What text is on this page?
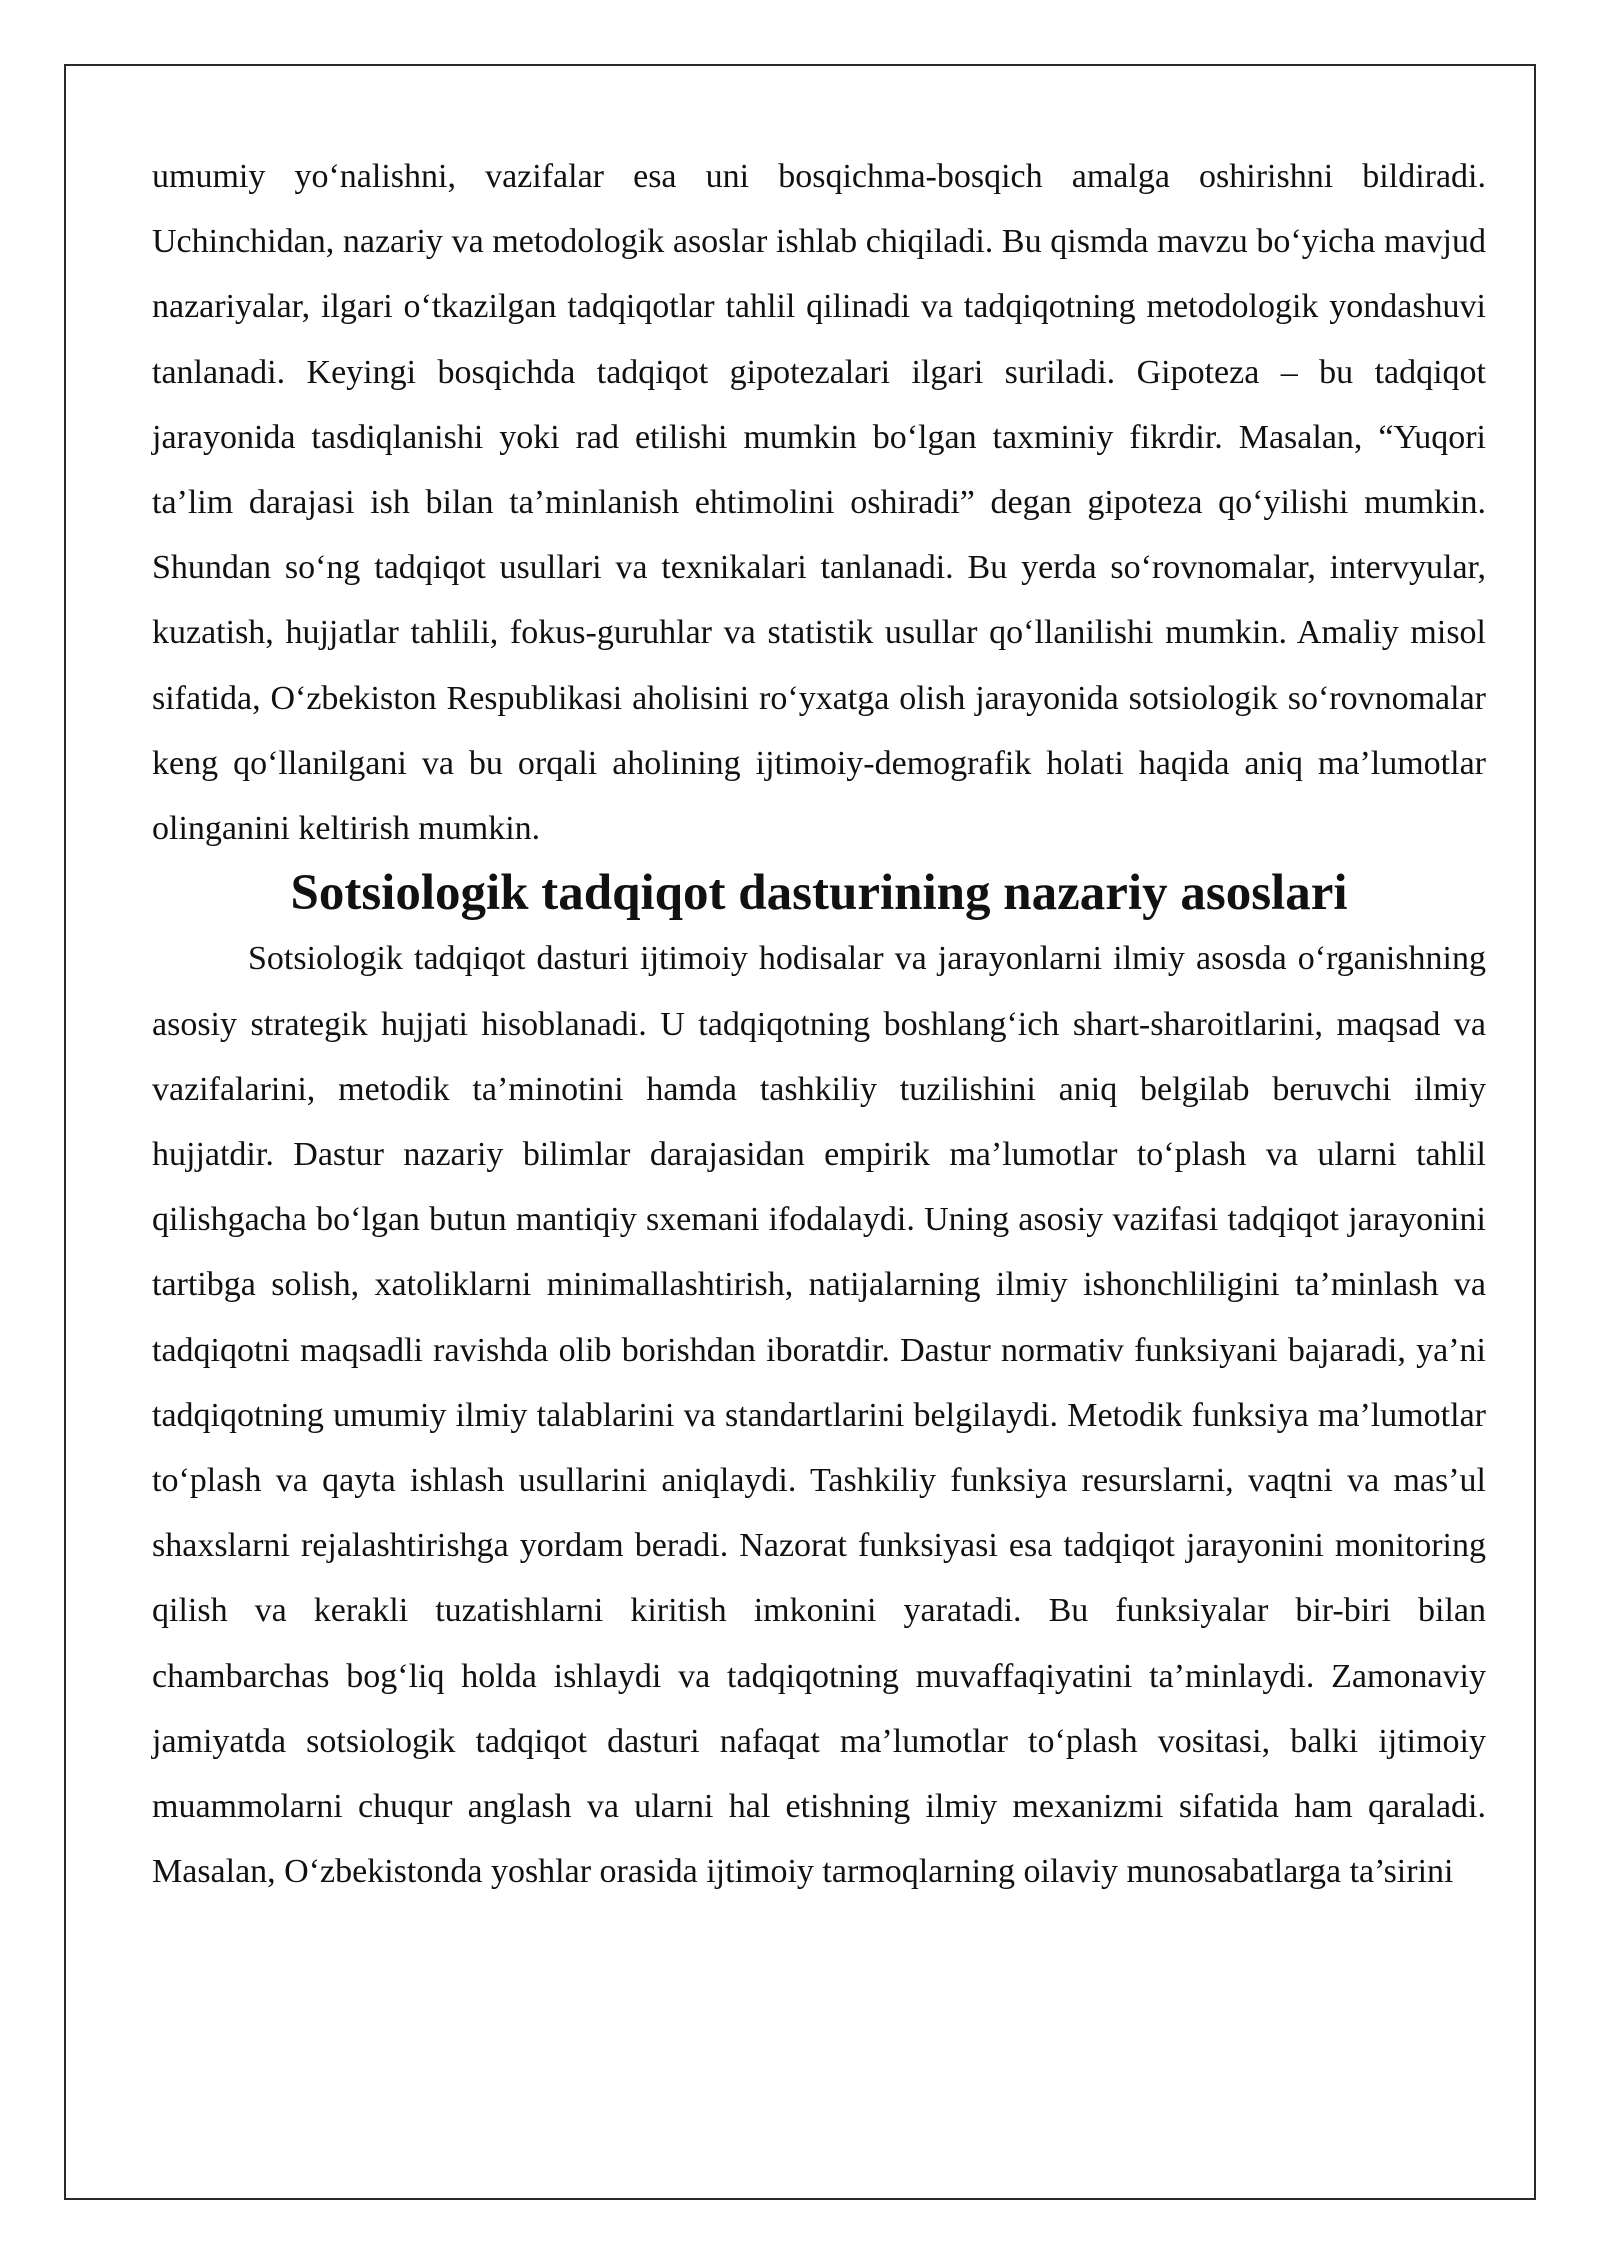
umumiy yo‘nalishni, vazifalar esa uni bosqichma-bosqich amalga oshirishni bildiradi. Uchinchidan, nazariy va metodologik asoslar ishlab chiqiladi. Bu qismda mavzu bo‘yicha mavjud nazariyalar, ilgari o‘tkazilgan tadqiqotlar tahlil qilinadi va tadqiqotning metodologik yondashuvi tanlanadi. Keyingi bosqichda tadqiqot gipotezalari ilgari suriladi. Gipoteza – bu tadqiqot jarayonida tasdiqlanishi yoki rad etilishi mumkin bo‘lgan taxminiy fikrdir. Masalan, “Yuqori ta’lim darajasi ish bilan ta’minlanish ehtimolini oshiradi” degan gipoteza qo‘yilishi mumkin. Shundan so‘ng tadqiqot usullari va texnikalari tanlanadi. Bu yerda so‘rovnomalar, intervyular, kuzatish, hujjatlar tahlili, fokus-guruhlar va statistik usullar qo‘llanilishi mumkin. Amaliy misol sifatida, O‘zbekiston Respublikasi aholisini ro‘yxatga olish jarayonida sotsiologik so‘rovnomalar keng qo‘llanilgani va bu orqali aholining ijtimoiy-demografik holati haqida aniq ma’lumotlar olinganini keltirish mumkin.

Sotsiologik tadqiqot dasturining nazariy asoslari

Sotsiologik tadqiqot dasturi ijtimoiy hodisalar va jarayonlarni ilmiy asosda o‘rganishning asosiy strategik hujjati hisoblanadi. U tadqiqotning boshlang‘ich shart-sharoitlarini, maqsad va vazifalarini, metodik ta’minotini hamda tashkiliy tuzilishini aniq belgilab beruvchi ilmiy hujjatdir. Dastur nazariy bilimlar darajasidan empirik ma’lumotlar to‘plash va ularni tahlil qilishgacha bo‘lgan butun mantiqiy sxemani ifodalaydi. Uning asosiy vazifasi tadqiqot jarayonini tartibga solish, xatoliklarni minimallashtirish, natijalarning ilmiy ishonchliligini ta’minlash va tadqiqotni maqsadli ravishda olib borishdan iboratdir. Dastur normativ funksiyani bajaradi, ya’ni tadqiqotning umumiy ilmiy talablarini va standartlarini belgilaydi. Metodik funksiya ma’lumotlar to‘plash va qayta ishlash usullarini aniqlaydi. Tashkiliy funksiya resurslarni, vaqtni va mas’ul shaxslarni rejalashtirishga yordam beradi. Nazorat funksiyasi esa tadqiqot jarayonini monitoring qilish va kerakli tuzatishlarni kiritish imkonini yaratadi. Bu funksiyalar bir-biri bilan chambarchas bog‘liq holda ishlaydi va tadqiqotning muvaffaqiyatini ta’minlaydi. Zamonaviy jamiyatda sotsiologik tadqiqot dasturi nafaqat ma’lumotlar to‘plash vositasi, balki ijtimoiy muammolarni chuqur anglash va ularni hal etishning ilmiy mexanizmi sifatida ham qaraladi. Masalan, O‘zbekistonda yoshlar orasida ijtimoiy tarmoqlarning oilaviy munosabatlarga ta’sirini
